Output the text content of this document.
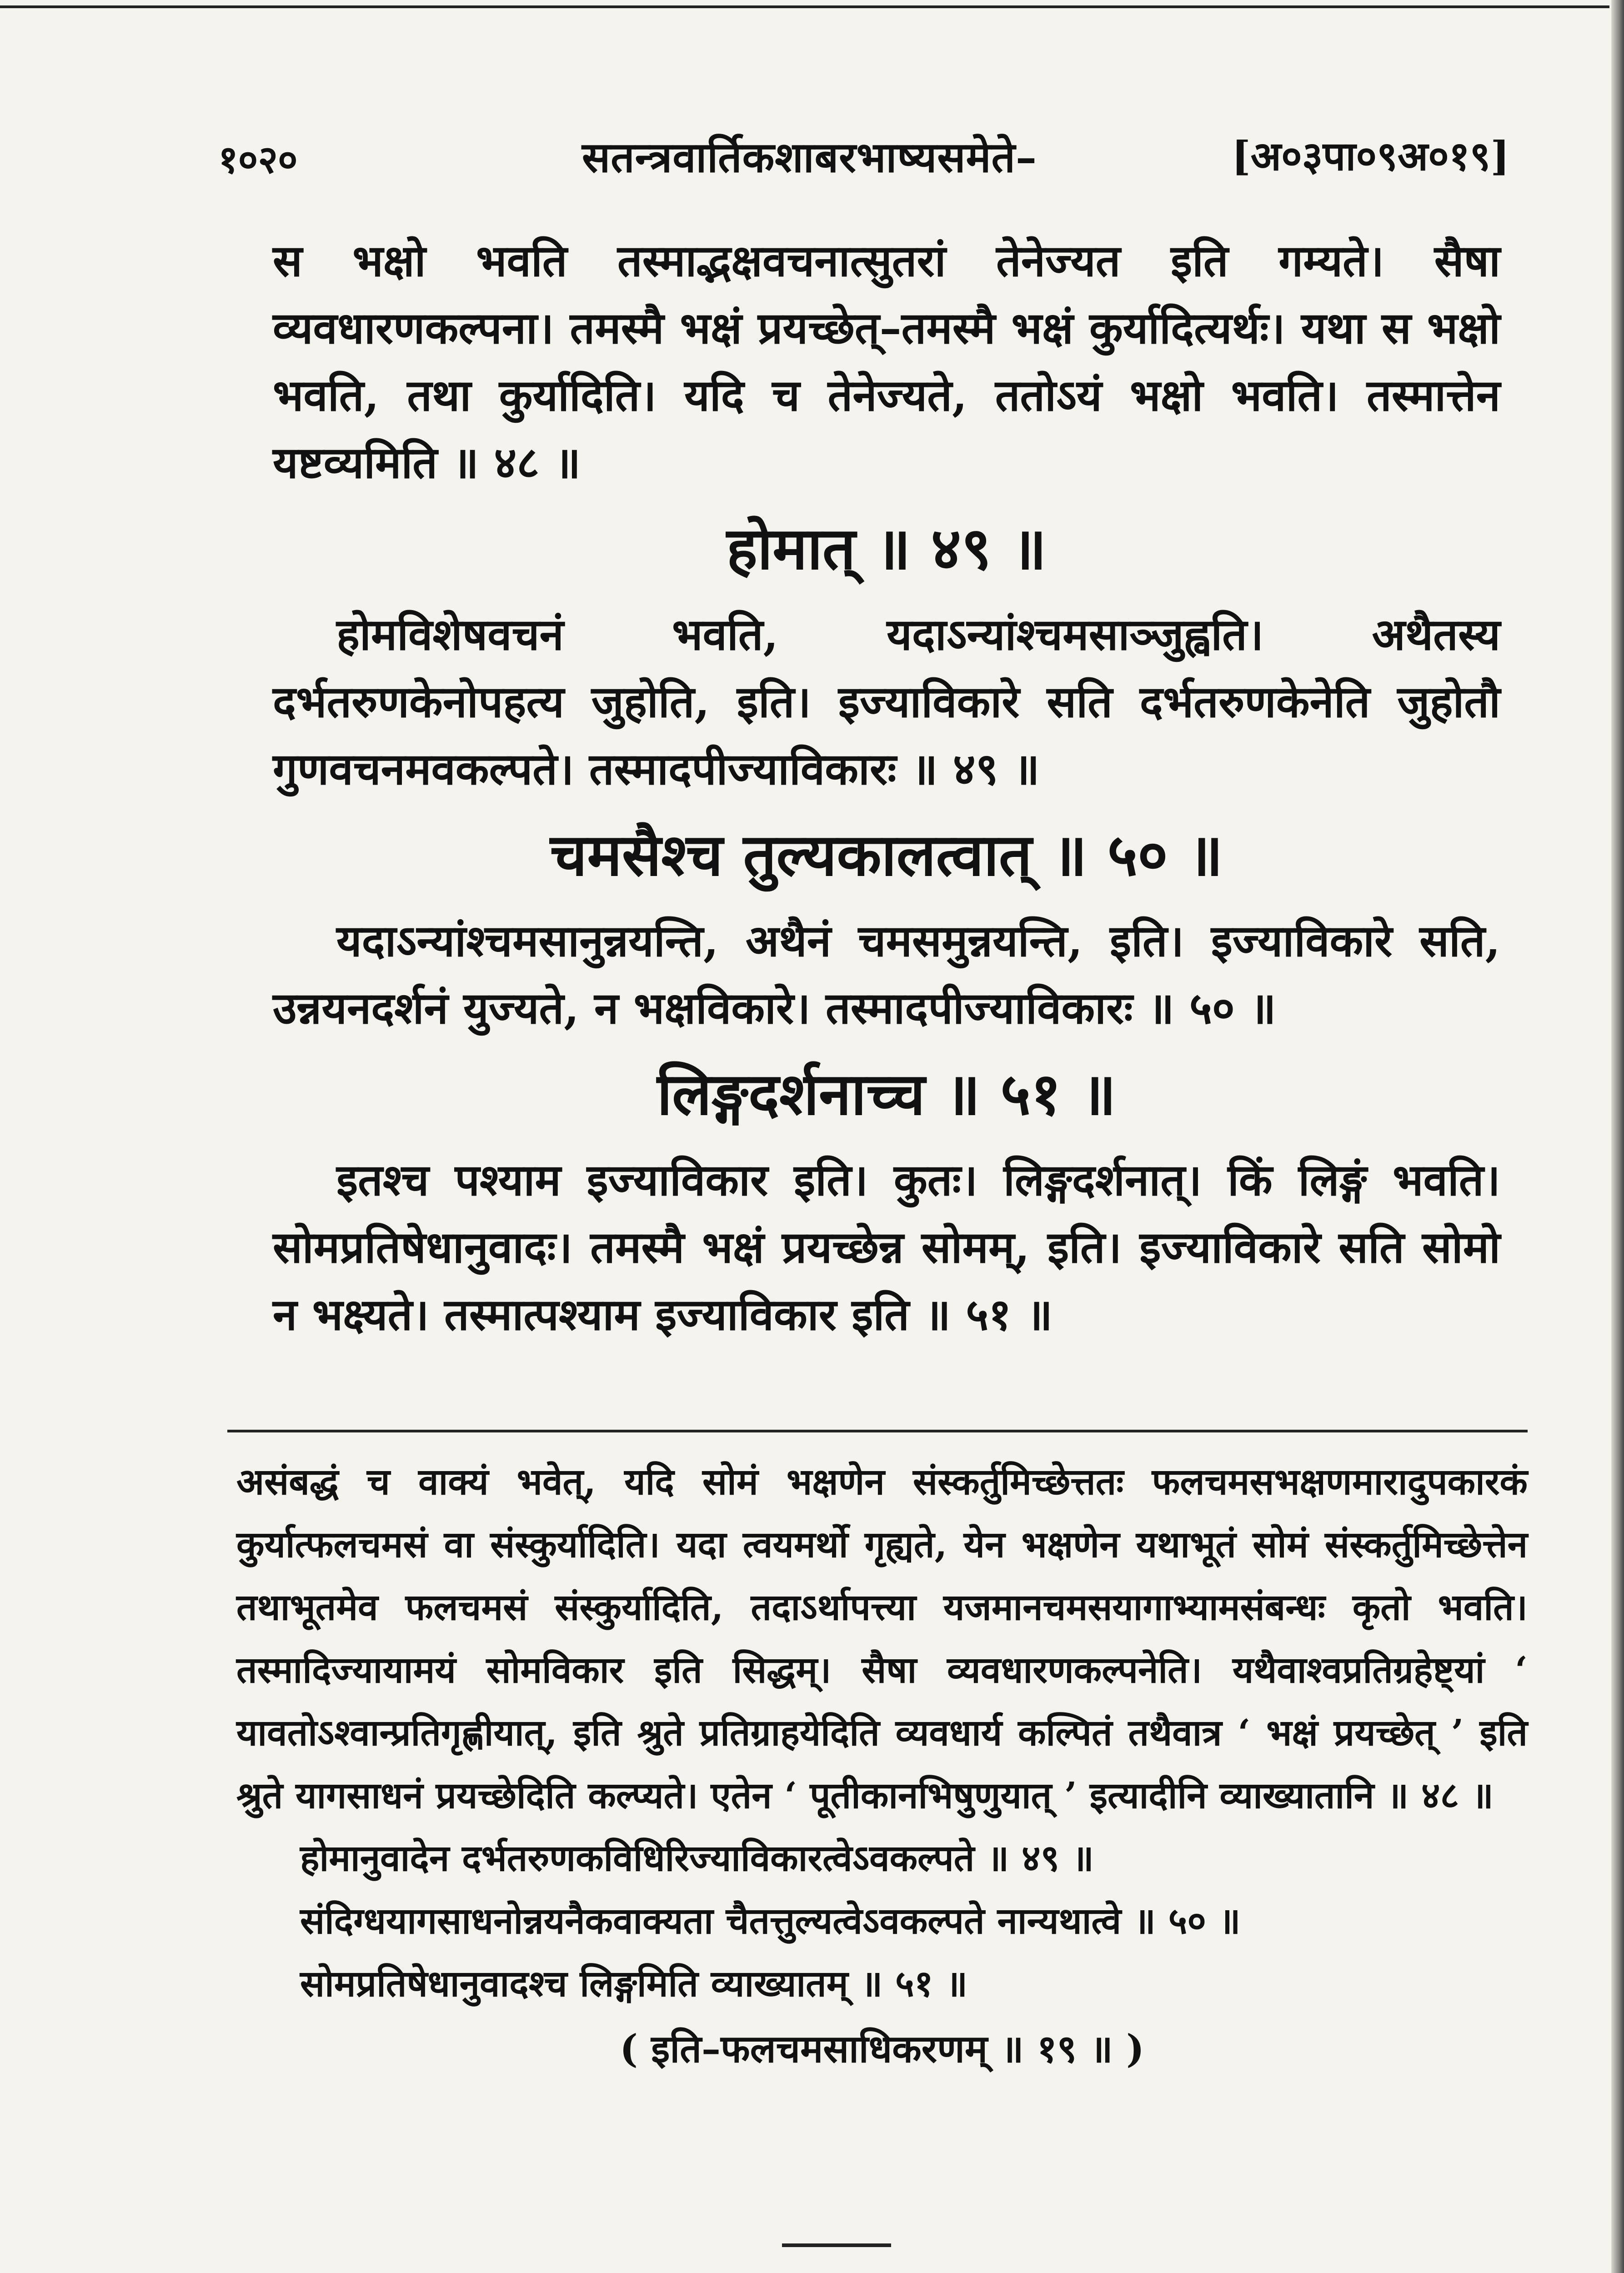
१०२०	सतन्त्रवार्तिकशाबरभाष्यसमेते–	[अ०३पा०९अ०१९]

स भक्षो भवति तस्माद्भक्षवचनात्सुतरां तेनेज्यत इति गम्यते। सैषा व्यवधारणकल्पना। तमस्मै भक्षं प्रयच्छेत्–तमस्मै भक्षं कुर्यादित्यर्थः। यथा स भक्षो भवति, तथा कुर्यादिति। यदि च तेनेज्यते, ततोऽयं भक्षो भवति। तस्मात्तेन यष्टव्यमिति ॥ ४८ ॥

होमात् ॥ ४९ ॥

होमविशेषवचनं भवति, यदाऽन्यांश्चमसाञ्जुह्वति। अथैतस्य दर्भतरुणकेनोपहत्य जुहोति, इति। इज्याविकारे सति दर्भतरुणकेनेति जुहोतौ गुणवचनमवकल्पते। तस्मादपीज्याविकारः ॥ ४९ ॥

चमसैश्च तुल्यकालत्वात् ॥ ५० ॥

यदाऽन्यांश्चमसानुन्नयन्ति, अथैनं चमसमुन्नयन्ति, इति। इज्याविकारे सति, उन्नयनदर्शनं युज्यते, न भक्षविकारे। तस्मादपीज्याविकारः ॥ ५० ॥

लिङ्गदर्शनाच्च ॥ ५१ ॥

इतश्च पश्याम इज्याविकार इति। कुतः। लिङ्गदर्शनात्। किं लिङ्गं भवति। सोमप्रतिषेधानुवादः। तमस्मै भक्षं प्रयच्छेन्न सोमम्, इति। इज्याविकारे सति सोमो न भक्ष्यते। तस्मात्पश्याम इज्याविकार इति ॥ ५१ ॥

असंबद्धं च वाक्यं भवेत्, यदि सोमं भक्षणेन संस्कर्तुमिच्छेत्ततः फलचमसभक्षणमारादुपकारकं कुर्यात्फलचमसं वा संस्कुर्यादिति। यदा त्वयमर्थो गृह्यते, येन भक्षणेन यथाभूतं सोमं संस्कर्तुमिच्छेत्तेन तथाभूतमेव फलचमसं संस्कुर्यादिति, तदाऽर्थापत्त्या यजमानचमसयागाभ्यामसंबन्धः कृतो भवति। तस्मादिज्यायामयं सोमविकार इति सिद्धम्। सैषा व्यवधारणकल्पनेति। यथैवाश्वप्रतिग्रहेष्ट्यां ‘ यावतोऽश्वान्प्रतिगृह्णीयात्, इति श्रुते प्रतिग्राहयेदिति व्यवधार्य कल्पितं तथैवात्र ‘ भक्षं प्रयच्छेत् ’ इति श्रुते यागसाधनं प्रयच्छेदिति कल्प्यते। एतेन ‘ पूतीकानभिषुणुयात् ’ इत्यादीनि व्याख्यातानि ॥ ४८ ॥

होमानुवादेन दर्भतरुणकविधिरिज्याविकारत्वेऽवकल्पते ॥ ४९ ॥

संदिग्धयागसाधनोन्नयनैकवाक्यता चैतत्तुल्यत्वेऽवकल्पते नान्यथात्वे ॥ ५० ॥

सोमप्रतिषेधानुवादश्च लिङ्गमिति व्याख्यातम् ॥ ५१ ॥

( इति–फलचमसाधिकरणम् ॥ १९ ॥ )
